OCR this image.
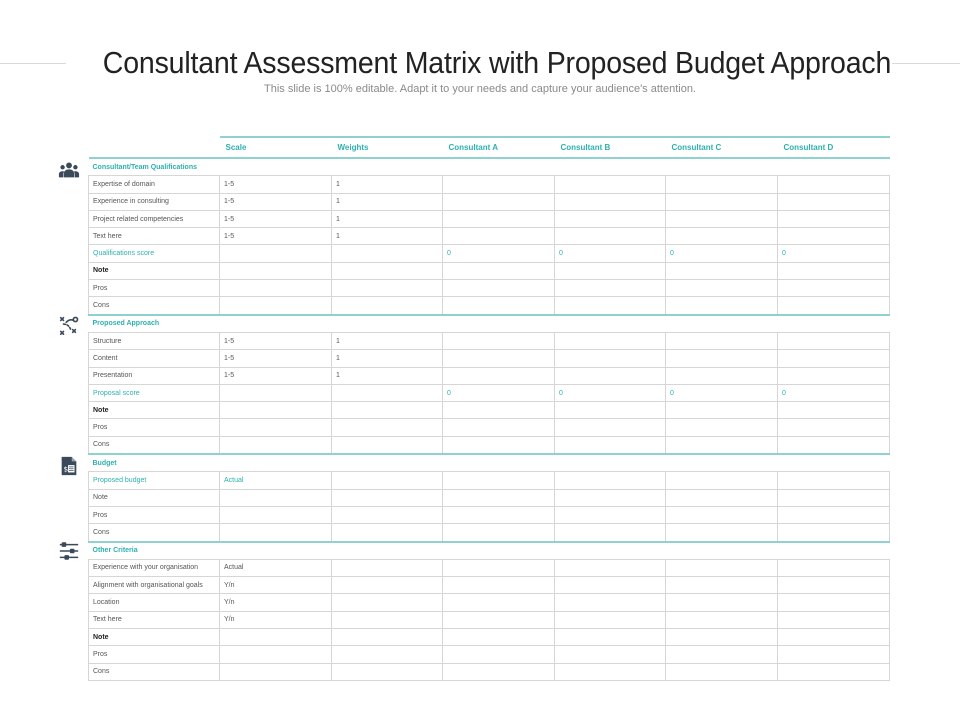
Consultant Assessment Matrix with Proposed Budget Approach
This slide is 100% editable. Adapt it to your needs and capture your audience's attention.
$
	Scale	Weights	Consultant A	Consultant B	Consultant C	Consultant D
Consultant/Team Qualifications						
Expertise of domain	1-5	1				
Experience in consulting	1-5	1				
Project related competencies	1-5	1				
Text here	1-5	1				
Qualifications score			0	0	0	0
Note						
Pros						
Cons						
Proposed Approach						
Structure	1-5	1				
Content	1-5	1				
Presentation	1-5	1				
Proposal score			0	0	0	0
Note						
Pros						
Cons						
Budget						
Proposed budget	Actual					
Note						
Pros						
Cons						
Other Criteria						
Experience with your organisation	Actual					
Alignment with organisational goals	Y/n					
Location	Y/n					
Text here	Y/n					
Note						
Pros						
Cons						
